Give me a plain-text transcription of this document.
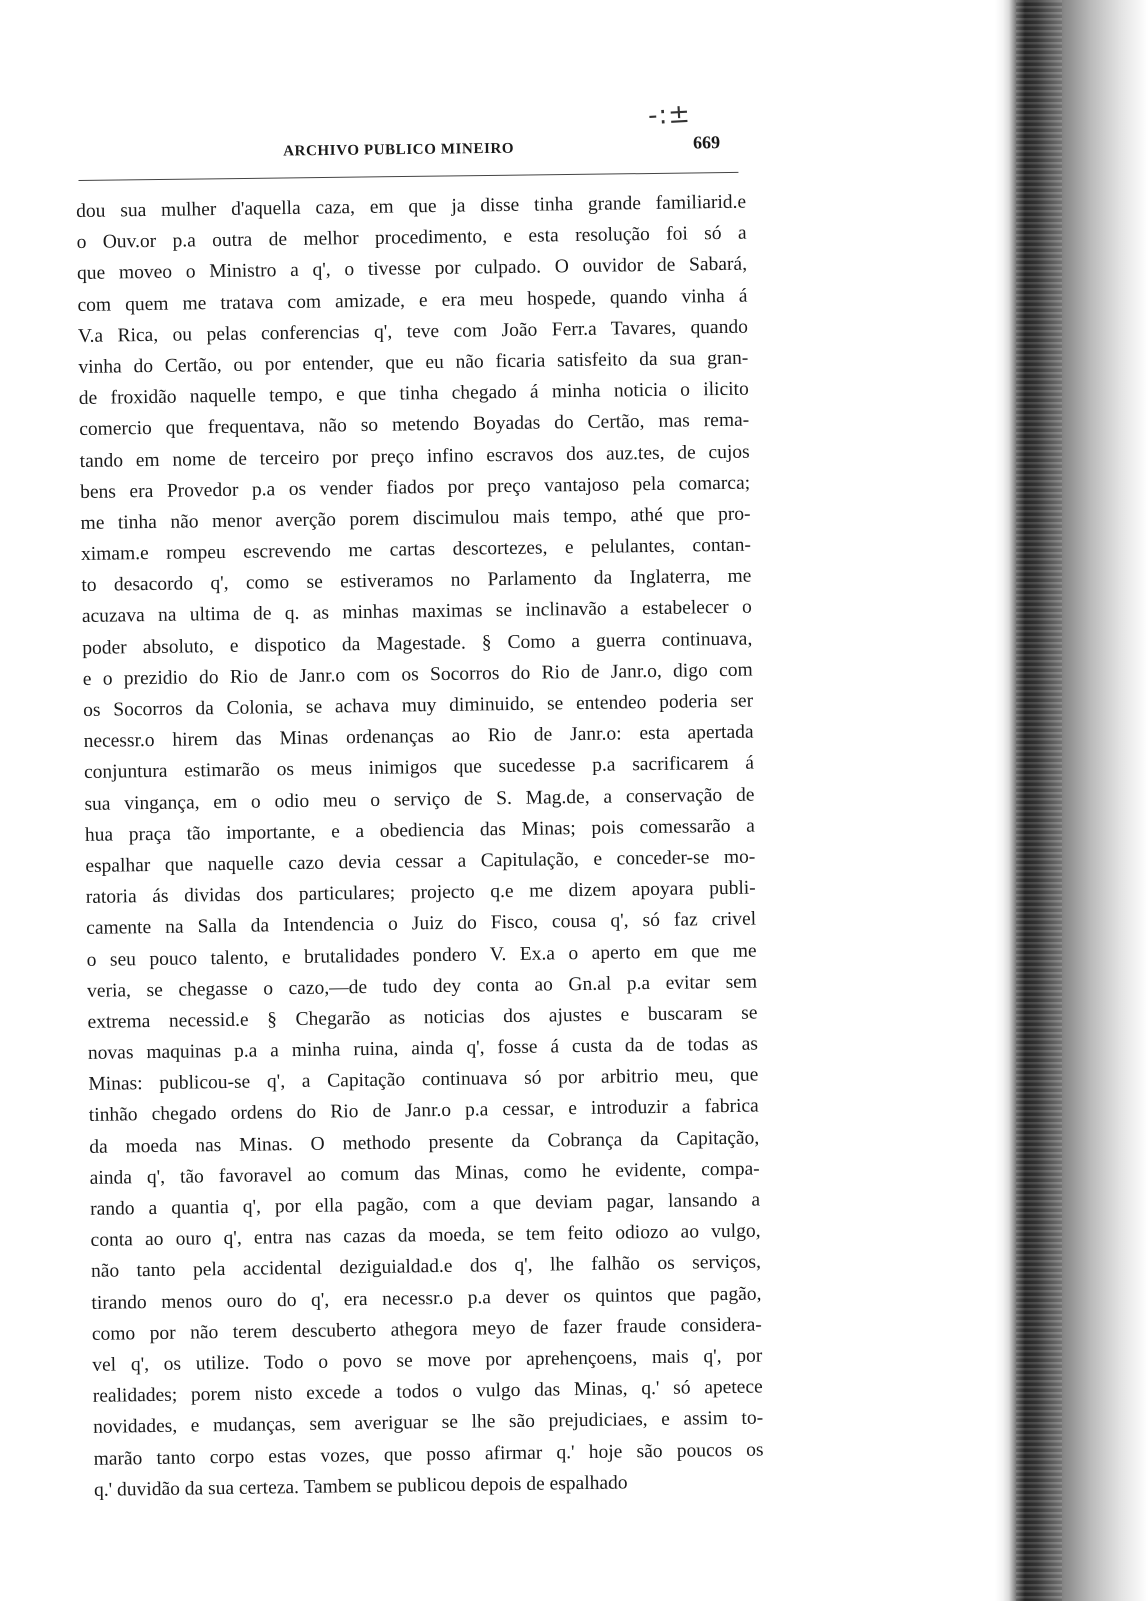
-:±
ARCHIVO PUBLICO MINEIRO	669
dou sua mulher d'aquella caza, em que ja disse tinha grande familiarid.e
o Ouv.or p.a outra de melhor procedimento, e esta resolução foi só a
que moveo o Ministro a q', o tivesse por culpado. O ouvidor de Sabará,
com quem me tratava com amizade, e era meu hospede, quando vinha á
V.a Rica, ou pelas conferencias q', teve com João Ferr.a Tavares, quando
vinha do Certão, ou por entender, que eu não ficaria satisfeito da sua gran-
de froxidão naquelle tempo, e que tinha chegado á minha noticia o ilicito
comercio que frequentava, não so metendo Boyadas do Certão, mas rema-
tando em nome de terceiro por preço infino escravos dos auz.tes, de cujos
bens era Provedor p.a os vender fiados por preço vantajoso pela comarca;
me tinha não menor averção porem discimulou mais tempo, athé que pro-
ximam.e rompeu escrevendo me cartas descortezes, e pelulantes, contan-
to desacordo q', como se estiveramos no Parlamento da Inglaterra, me
acuzava na ultima de q. as minhas maximas se inclinavão a estabelecer o
poder absoluto, e dispotico da Magestade. § Como a guerra continuava,
e o prezidio do Rio de Janr.o com os Socorros do Rio de Janr.o, digo com
os Socorros da Colonia, se achava muy diminuido, se entendeo poderia ser
necessr.o hirem das Minas ordenanças ao Rio de Janr.o: esta apertada
conjuntura estimarão os meus inimigos que sucedesse p.a sacrificarem á
sua vingança, em o odio meu o serviço de S. Mag.de, a conservação de
hua praça tão importante, e a obediencia das Minas; pois comessarão a
espalhar que naquelle cazo devia cessar a Capitulação, e conceder-se mo-
ratoria ás dividas dos particulares; projecto q.e me dizem apoyara publi-
camente na Salla da Intendencia o Juiz do Fisco, cousa q', só faz crivel
o seu pouco talento, e brutalidades pondero V. Ex.a o aperto em que me
veria, se chegasse o cazo,—de tudo dey conta ao Gn.al p.a evitar sem
extrema necessid.e § Chegarão as noticias dos ajustes e buscaram se
novas maquinas p.a a minha ruina, ainda q', fosse á custa da de todas as
Minas: publicou-se q', a Capitação continuava só por arbitrio meu, que
tinhão chegado ordens do Rio de Janr.o p.a cessar, e introduzir a fabrica
da moeda nas Minas. O methodo presente da Cobrança da Capitação,
ainda q', tão favoravel ao comum das Minas, como he evidente, compa-
rando a quantia q', por ella pagão, com a que deviam pagar, lansando a
conta ao ouro q', entra nas cazas da moeda, se tem feito odiozo ao vulgo,
não tanto pela accidental deziguialdad.e dos q', lhe falhão os serviços,
tirando menos ouro do q', era necessr.o p.a dever os quintos que pagão,
como por não terem descuberto athegora meyo de fazer fraude considera-
vel q', os utilize. Todo o povo se move por aprehençoens, mais q', por
realidades; porem nisto excede a todos o vulgo das Minas, q.' só apetece
novidades, e mudanças, sem averiguar se lhe são prejudiciaes, e assim to-
marão tanto corpo estas vozes, que posso afirmar q.' hoje são poucos os
q.' duvidão da sua certeza. Tambem se publicou depois de espalhado
